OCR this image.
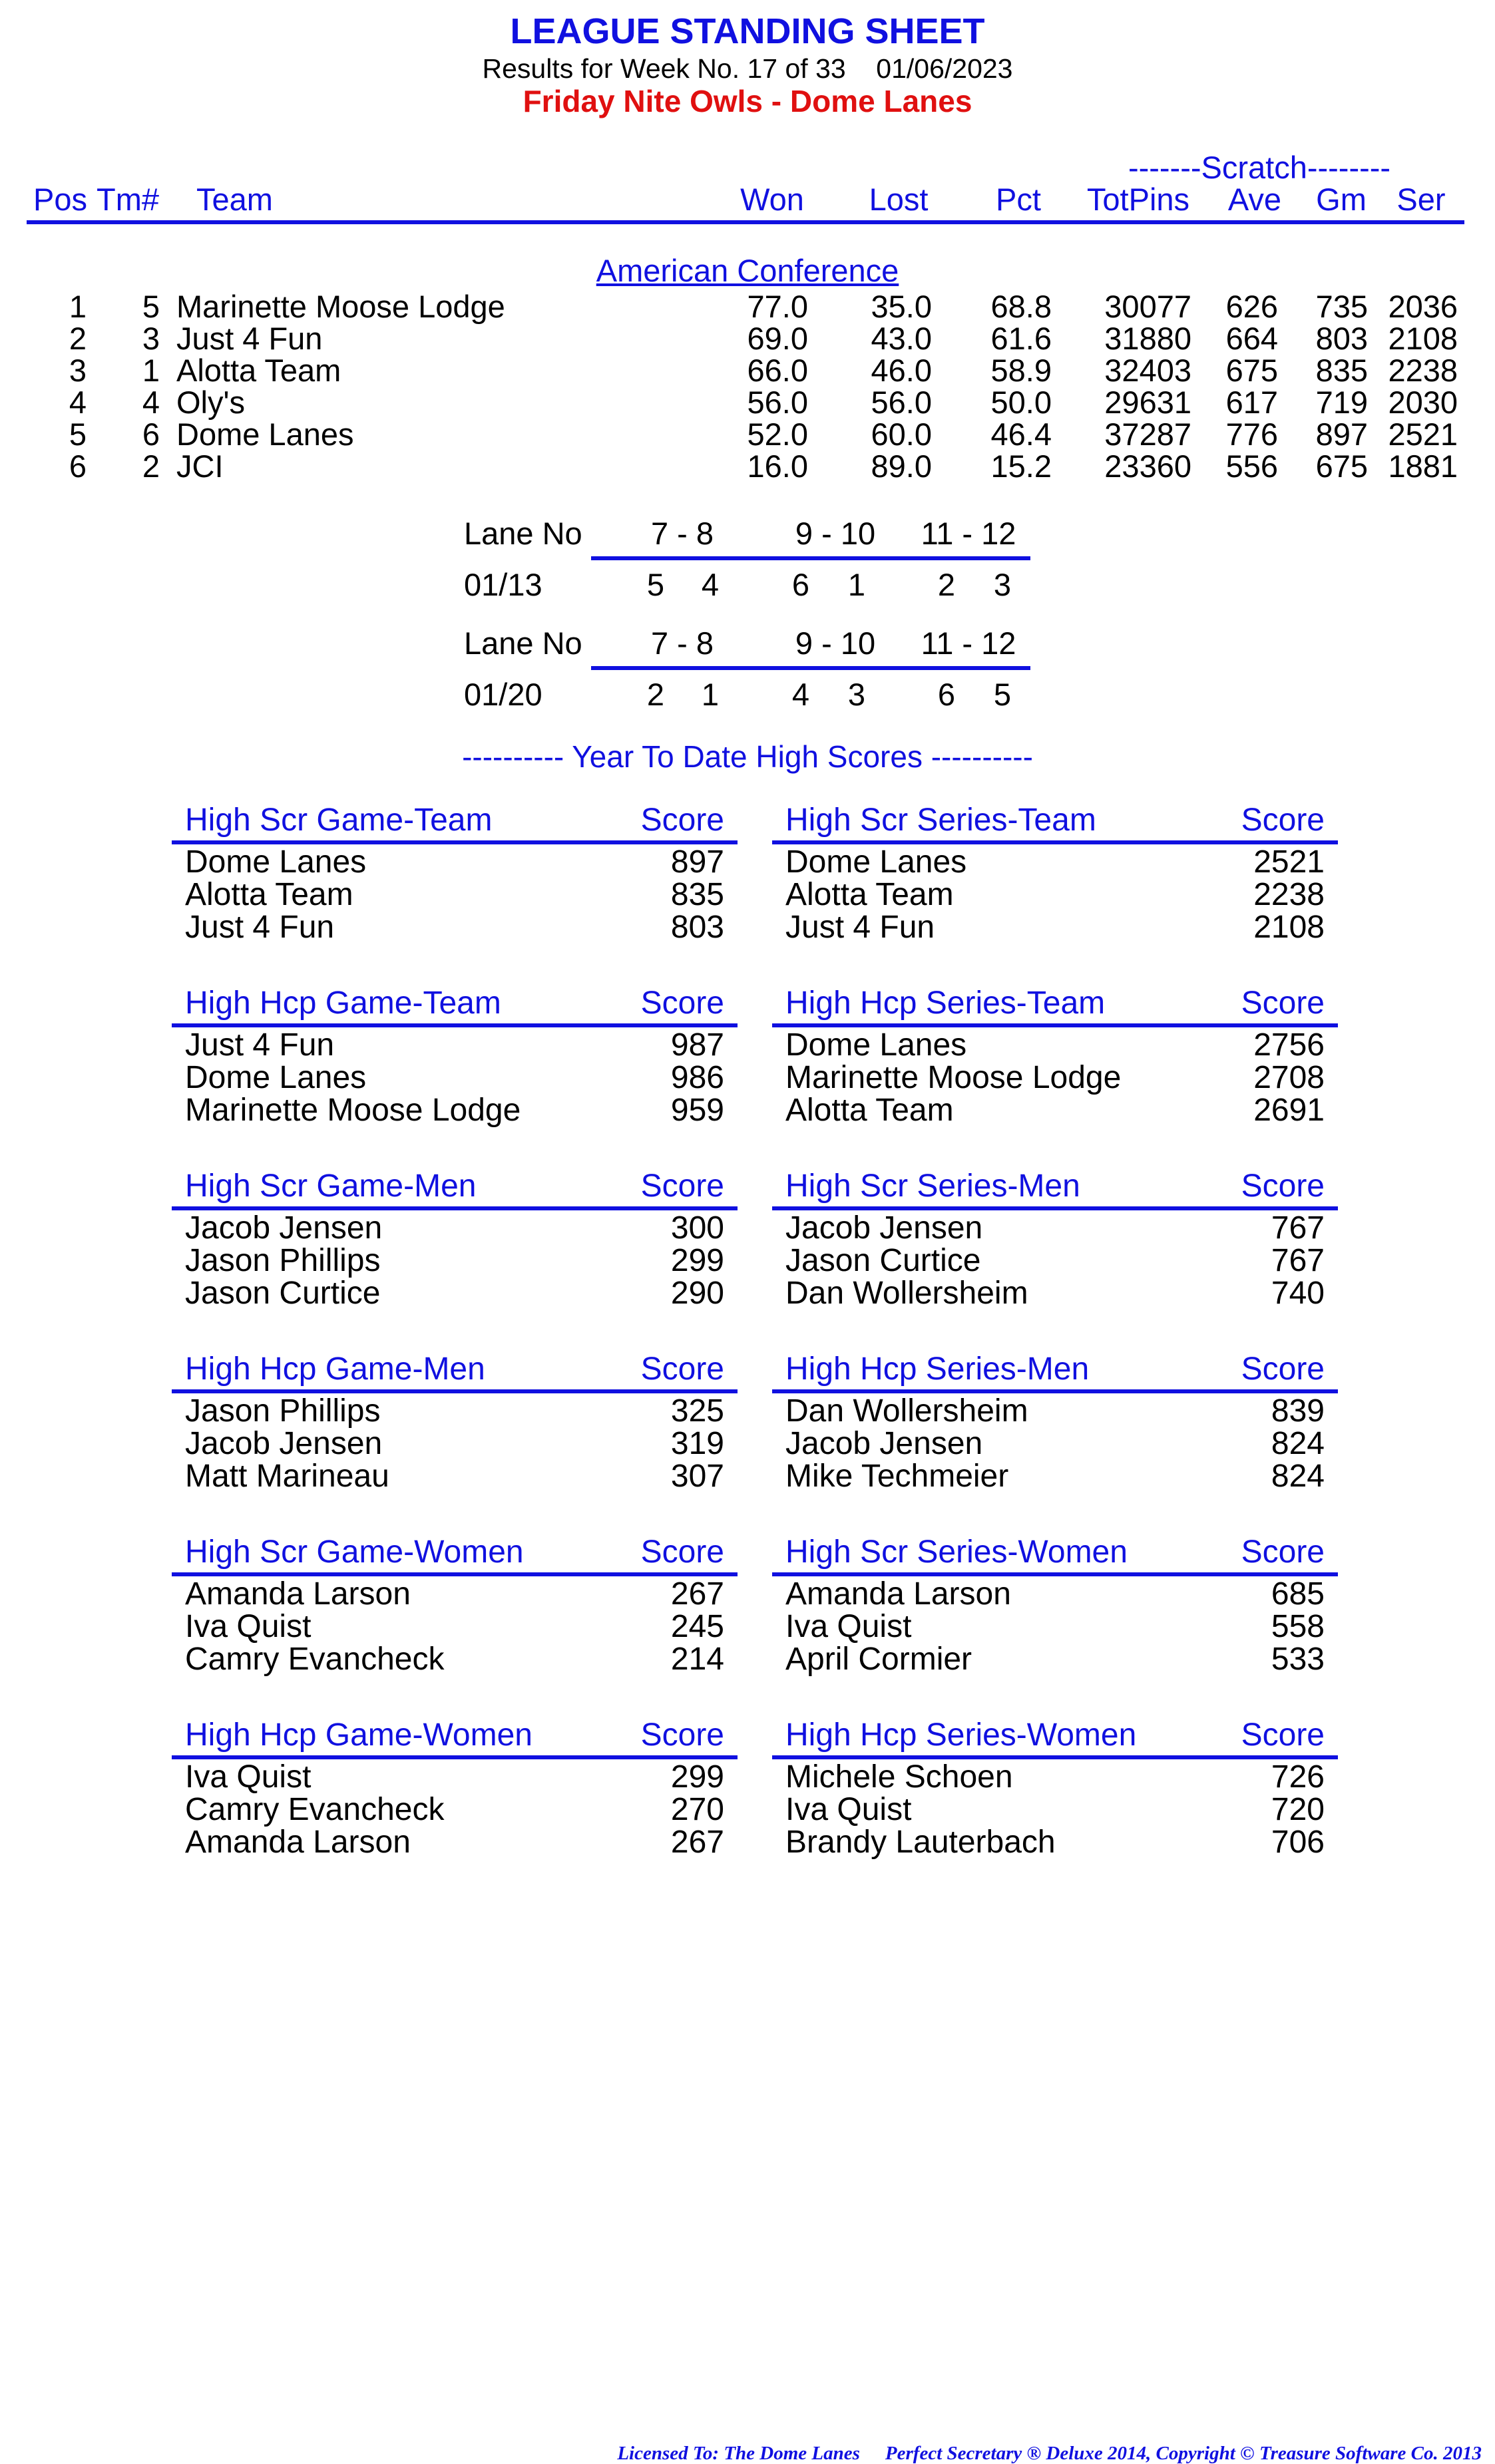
LEAGUE STANDING SHEET
Results for Week No. 17 of 33 01/06/2023
Friday Nite Owls - Dome Lanes
-------Scratch--------
Pos Tm# Team	Won	Lost	Pct	TotPins	Ave	Gm Ser
American Conference
1	5 Marinette Moose Lodge	77.0	35.0	68.8	30077	626	735 2036
2	3 Just 4 Fun	69.0	43.0	61.6	31880	664	803 2108
3	1 Alotta Team	66.0	46.0	58.9	32403	675	835 2238
4	4 Oly's	56.0	56.0	50.0	29631	617	719 2030
5	6 Dome Lanes	52.0	60.0	46.4	37287	776	897 2521
6	2 JCI	16.0	89.0	15.2	23360	556	675 1881
Lane No	7 - 8	9 - 10	11 - 12
01/13	5	4	6	1	2	3
Lane No	7 - 8	9 - 10	11 - 12
01/20	2	1	4	3	6	5
---------- Year To Date High Scores ----------
High Scr Game-Team	Score
Dome Lanes	897
Alotta Team	835
Just 4 Fun	803
High Scr Series-Team	Score
Dome Lanes	2521
Alotta Team	2238
Just 4 Fun	2108
High Hcp Game-Team	Score
Just 4 Fun	987
Dome Lanes	986
Marinette Moose Lodge	959
High Hcp Series-Team	Score
Dome Lanes	2756
Marinette Moose Lodge	2708
Alotta Team	2691
High Scr Game-Men	Score
Jacob Jensen	300
Jason Phillips	299
Jason Curtice	290
High Scr Series-Men	Score
Jacob Jensen	767
Jason Curtice	767
Dan Wollersheim	740
High Hcp Game-Men	Score
Jason Phillips	325
Jacob Jensen	319
Matt Marineau	307
High Hcp Series-Men	Score
Dan Wollersheim	839
Jacob Jensen	824
Mike Techmeier	824
High Scr Game-Women	Score
Amanda Larson	267
Iva Quist	245
Camry Evancheck	214
High Scr Series-Women	Score
Amanda Larson	685
Iva Quist	558
April Cormier	533
High Hcp Game-Women	Score
Iva Quist	299
Camry Evancheck	270
Amanda Larson	267
High Hcp Series-Women	Score
Michele Schoen	726
Iva Quist	720
Brandy Lauterbach	706
Licensed To: The Dome Lanes Perfect Secretary ® Deluxe 2014, Copyright © Treasure Software Co. 2013
